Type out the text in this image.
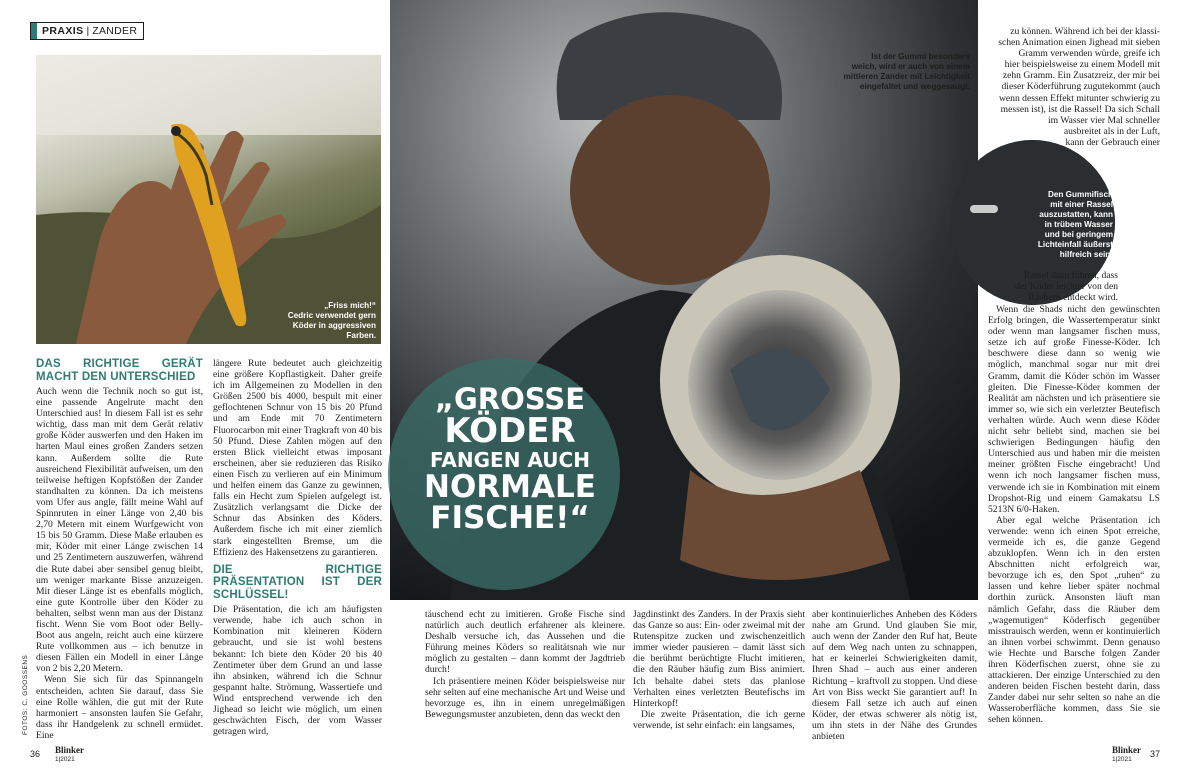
PRAXIS | ZANDER
„Friss mich!“
Cedric verwendet gern
Köder in aggressiven Farben.
Ist der Gummi besonders
weich, wird er auch von einem
mittleren Zander mit Leichtigkeit
eingefaltet und weggesaugt.
Den Gummifisch
mit einer Rassel
auszustatten, kann
in trübem Wasser
und bei geringem
Lichteinfall äußerst
hilfreich sein!
„GROSSE
KÖDER
FANGEN AUCH
NORMALE
FISCHE!“
DAS RICHTIGE GERÄT MACHT DEN UNTERSCHIED

Auch wenn die Technik noch so gut ist, eine passende Angelrute macht den Unterschied aus! In diesem Fall ist es sehr wichtig, dass man mit dem Gerät relativ große Köder auswerfen und den Haken im harten Maul eines großen Zanders setzen kann. Außerdem sollte die Rute ausreichend Flexibilität aufweisen, um den teilweise heftigen Kopfstößen der Zander standhalten zu können. Da ich meistens vom Ufer aus angle, fällt meine Wahl auf Spinnruten in einer Länge von 2,40 bis 2,70 Metern mit einem Wurfgewicht von 15 bis 50 Gramm. Diese Maße erlauben es mir, Köder mit einer Länge zwischen 14 und 25 Zentimetern auszuwerfen, während die Rute dabei aber sensibel genug bleibt, um weniger markante Bisse anzuzeigen. Mit dieser Länge ist es ebenfalls möglich, eine gute Kontrolle über den Köder zu behalten, selbst wenn man aus der Distanz fischt. Wenn Sie vom Boot oder Belly-Boot aus angeln, reicht auch eine kürzere Rute vollkommen aus – ich benutze in diesen Fällen ein Modell in einer Länge von 2 bis 2,20 Metern.

Wenn Sie sich für das Spinnangeln entscheiden, achten Sie darauf, dass Sie eine Rolle wählen, die gut mit der Rute harmoniert – ansonsten laufen Sie Gefahr, dass ihr Handgelenk zu schnell ermüdet. Eine

längere Rute bedeutet auch gleichzeitig eine größere Kopflastigkeit. Daher greife ich im Allgemeinen zu Modellen in den Größen 2500 bis 4000, bespult mit einer geflochtenen Schnur von 15 bis 20 Pfund und am Ende mit 70 Zentimetern Fluorocarbon mit einer Tragkraft von 40 bis 50 Pfund. Diese Zahlen mögen auf den ersten Blick vielleicht etwas imposant erscheinen, aber sie reduzieren das Risiko einen Fisch zu verlieren auf ein Minimum und helfen einem das Ganze zu gewinnen, falls ein Hecht zum Spielen aufgelegt ist. Zusätzlich verlangsamt die Dicke der Schnur das Absinken des Köders. Außerdem fische ich mit einer ziemlich stark eingestellten Bremse, um die Effizienz des Hakensetzens zu garantieren.

DIE RICHTIGE PRÄSENTATION IST DER SCHLÜSSEL!

Die Präsentation, die ich am häufigsten verwende, habe ich auch schon in Kombination mit kleineren Ködern gebraucht, und sie ist wohl bestens bekannt: Ich biete den Köder 20 bis 40 Zentimeter über dem Grund an und lasse ihn absinken, während ich die Schnur gespannt halte. Strömung, Wassertiefe und Wind entsprechend verwende ich den Jighead so leicht wie möglich, um einen geschwächten Fisch, der vom Wasser getragen wird,

täuschend echt zu imitieren. Große Fische sind natürlich auch deutlich erfahrener als kleinere. Deshalb versuche ich, das Aussehen und die Führung meines Köders so realitätsnah wie nur möglich zu gestalten – dann kommt der Jagdtrieb durch!

Ich präsentiere meinen Köder beispielsweise nur sehr selten auf eine mechanische Art und Weise und bevorzuge es, ihn in einem unregelmäßigen Bewegungsmuster anzubieten, denn das weckt den

Jagdinstinkt des Zanders. In der Praxis sieht das Ganze so aus: Ein- oder zweimal mit der Rutenspitze zucken und zwischenzeitlich immer wieder pausieren – damit lässt sich die berühmt berüchtigte Flucht imitieren, die den Räuber häufig zum Biss animiert. Ich behalte dabei stets das planlose Verhalten eines verletzten Beutefischs im Hinterkopf!

Die zweite Präsentation, die ich gerne verwende, ist sehr einfach: ein langsames,

aber kontinuierliches Anheben des Köders nahe am Grund. Und glauben Sie mir, auch wenn der Zander den Ruf hat, Beute auf dem Weg nach unten zu schnappen, hat er keinerlei Schwierigkeiten damit, Ihren Shad – auch aus einer anderen Richtung – kraftvoll zu stoppen. Und diese Art von Biss weckt Sie garantiert auf! In diesem Fall setze ich auch auf einen Köder, der etwas schwerer als nötig ist, um ihn stets in der Nähe des Grundes anbieten

zu können. Während ich bei der klassi-
schen Animation einen Jighead mit sieben
Gramm verwenden würde, greife ich
hier beispielsweise zu einem Modell mit
zehn Gramm. Ein Zusatzreiz, der mir bei
dieser Köderführung zugutekommt (auch
wenn dessen Effekt mitunter schwierig zu
messen ist), ist die Rassel! Da sich Schall
im Wasser vier Mal schneller
ausbreitet als in der Luft,
kann der Gebrauch einer
Rassel dazu führen, dass
der Köder leichter von den
Räubern entdeckt wird.

Wenn die Shads nicht den gewünschten Erfolg bringen, die Wassertemperatur sinkt oder wenn man langsamer fischen muss, setze ich auf große Finesse-Köder. Ich beschwere diese dann so wenig wie möglich, manchmal sogar nur mit drei Gramm, damit die Köder schön im Wasser gleiten. Die Finesse-Köder kommen der Realität am nächsten und ich präsentiere sie immer so, wie sich ein verletzter Beutefisch verhalten würde. Auch wenn diese Köder nicht sehr beliebt sind, machen sie bei schwierigen Bedingungen häufig den Unterschied aus und haben mir die meisten meiner größten Fische eingebracht! Und wenn ich noch langsamer fischen muss, verwende ich sie in Kombination mit einem Dropshot-Rig und einem Gamakatsu LS 5213N 6/0-Haken.

Aber egal welche Präsentation ich verwende: wenn ich einen Spot erreiche, vermeide ich es, die ganze Gegend abzuklopfen. Wenn ich in den ersten Abschnitten nicht erfolgreich war, bevorzuge ich es, den Spot „ruhen“ zu lassen und kehre lieber später nochmal dorthin zurück. Ansonsten läuft man nämlich Gefahr, dass die Räuber dem „wagemutigen“ Köderfisch gegenüber misstrauisch werden, wenn er kontinuierlich an ihnen vorbei schwimmt. Denn genauso wie Hechte und Barsche folgen Zander ihren Köderfischen zuerst, ohne sie zu attackieren. Der einzige Unterschied zu den anderen beiden Fischen besteht darin, dass Zander dabei nur sehr selten so nahe an die Wasseroberfläche kommen, dass Sie sie sehen können.

36 Blinker
1|2021
Blinker
1|2021
37
FOTOS: C. GOOSSENS
